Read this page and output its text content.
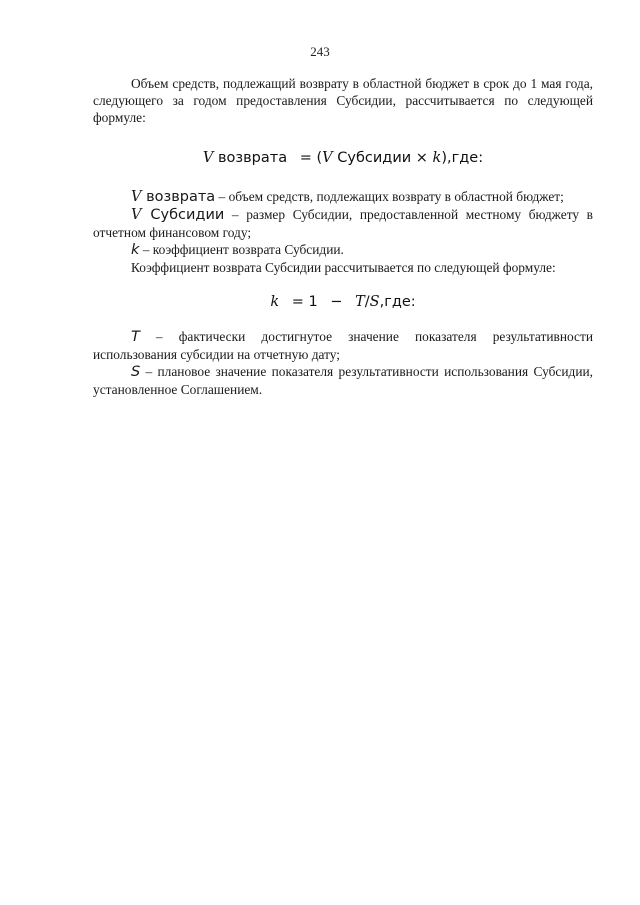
243

Объем средств, подлежащий возврату в областной бюджет в срок до 1 мая года, следующего за годом предоставления Субсидии, рассчитывается по следующей формуле:

V возврата = (V Субсидии × k),где:

V возврата – объем средств, подлежащих возврату в областной бюджет;

V Субсидии – размер Субсидии, предоставленной местному бюджету в отчетном финансовом году;

k – коэффициент возврата Субсидии.

Коэффициент возврата Субсидии рассчитывается по следующей формуле:

k = 1 − T/S,где:

T – фактически достигнутое значение показателя результативности использования субсидии на отчетную дату;

S – плановое значение показателя результативности использования Субсидии, установленное Соглашением.
